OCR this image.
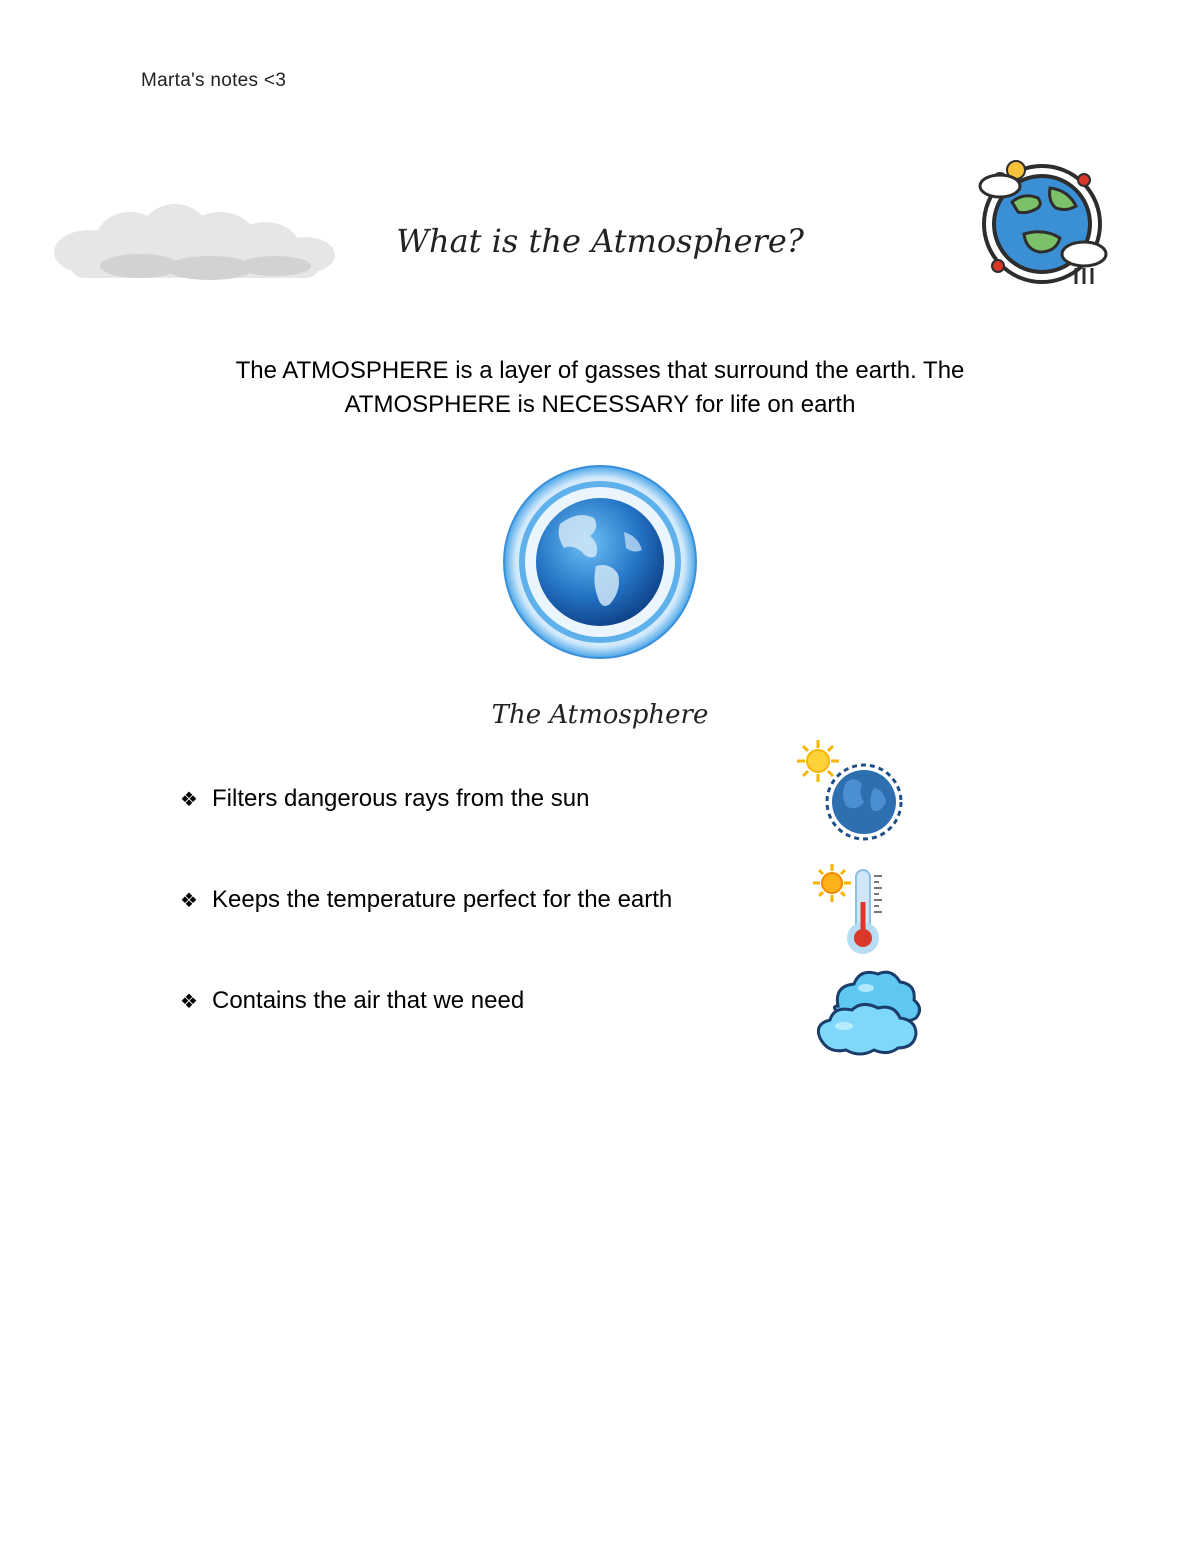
Marta's notes <3
What is the Atmosphere?
The ATMOSPHERE is a layer of gasses that surround the earth. The
ATMOSPHERE is NECESSARY for life on earth
The Atmosphere
❖ Filters dangerous rays from the sun
❖ Keeps the temperature perfect for the earth
❖ Contains the air that we need
